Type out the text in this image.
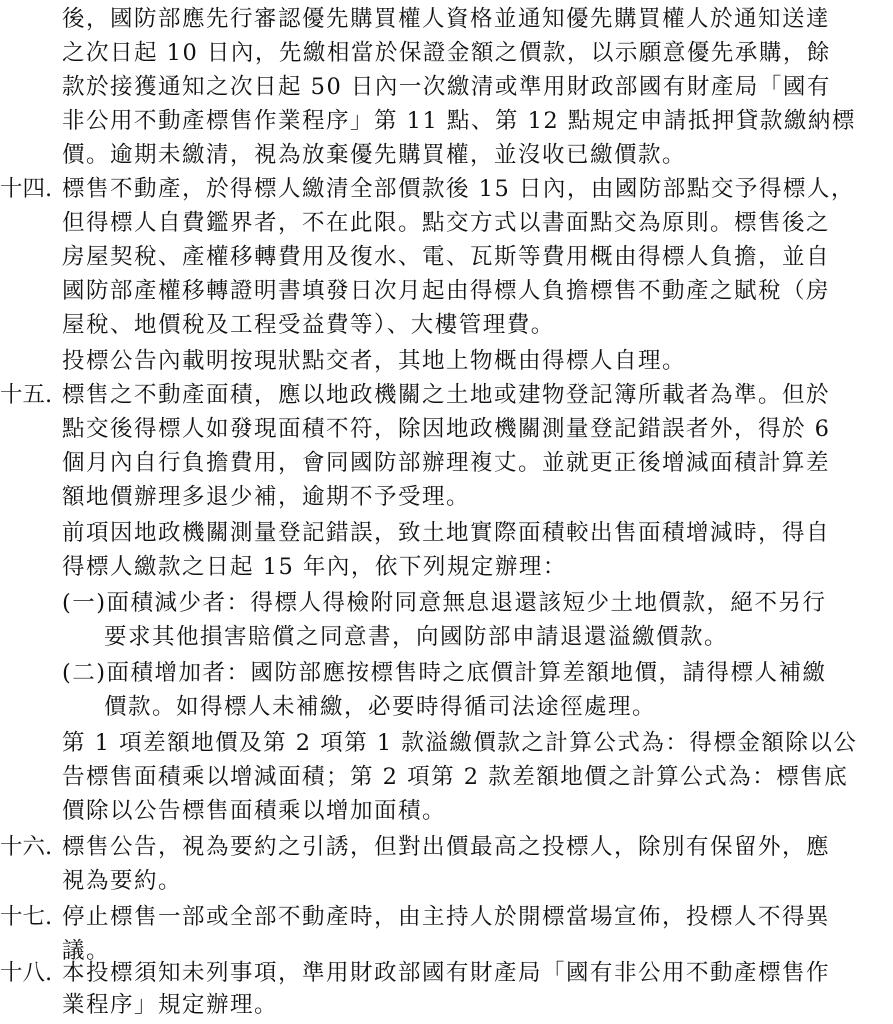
後，國防部應先行審認優先購買權人資格並通知優先購買權人於通知送達
之次日起 10 日內，先繳相當於保證金額之價款，以示願意優先承購，餘
款於接獲通知之次日起 50 日內一次繳清或準用財政部國有財產局「國有
非公用不動產標售作業程序」第 11 點、第 12 點規定申請抵押貸款繳納標
價。逾期未繳清，視為放棄優先購買權，並沒收已繳價款。
十四. 標售不動產，於得標人繳清全部價款後 15 日內，由國防部點交予得標人，
但得標人自費鑑界者，不在此限。點交方式以書面點交為原則。標售後之
房屋契稅、產權移轉費用及復水、電、瓦斯等費用概由得標人負擔，並自
國防部產權移轉證明書填發日次月起由得標人負擔標售不動產之賦稅（房
屋稅、地價稅及工程受益費等）、大樓管理費。
投標公告內載明按現狀點交者，其地上物概由得標人自理。
十五. 標售之不動產面積，應以地政機關之土地或建物登記簿所載者為準。但於
點交後得標人如發現面積不符，除因地政機關測量登記錯誤者外，得於 6
個月內自行負擔費用，會同國防部辦理複丈。並就更正後增減面積計算差
額地價辦理多退少補，逾期不予受理。
前項因地政機關測量登記錯誤，致土地實際面積較出售面積增減時，得自
得標人繳款之日起 15 年內，依下列規定辦理：
(一)面積減少者：得標人得檢附同意無息退還該短少土地價款，絕不另行
要求其他損害賠償之同意書，向國防部申請退還溢繳價款。
(二)面積增加者：國防部應按標售時之底價計算差額地價，請得標人補繳
價款。如得標人未補繳，必要時得循司法途徑處理。
第 1 項差額地價及第 2 項第 1 款溢繳價款之計算公式為：得標金額除以公
告標售面積乘以增減面積；第 2 項第 2 款差額地價之計算公式為：標售底
價除以公告標售面積乘以增加面積。
十六. 標售公告，視為要約之引誘，但對出價最高之投標人，除別有保留外，應
視為要約。
十七. 停止標售一部或全部不動產時，由主持人於開標當場宣佈，投標人不得異
議。
十八. 本投標須知未列事項，準用財政部國有財產局「國有非公用不動產標售作
業程序」規定辦理。
